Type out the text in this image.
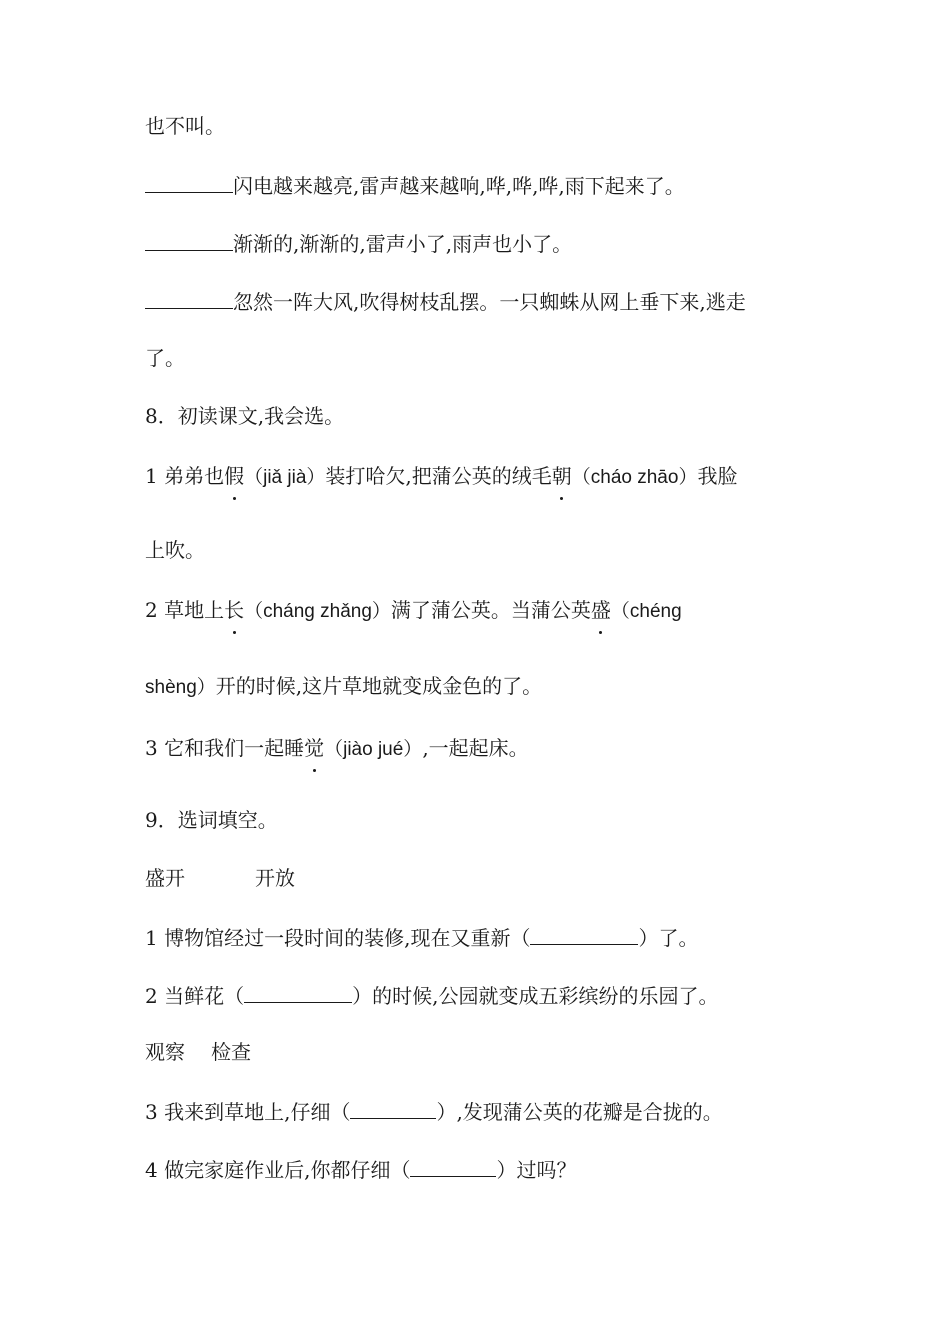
也不叫。
闪电越来越亮,雷声越来越响,哗,哗,哗,雨下起来了。
渐渐的,渐渐的,雷声小了,雨声也小了。
忽然一阵大风,吹得树枝乱摆。一只蜘蛛从网上垂下来,逃走
了。
8．初读课文,我会选。
1 弟弟也假（jiǎ jià）装打哈欠,把蒲公英的绒毛朝（cháo zhāo）我脸
上吹。
2 草地上长（cháng zhǎng）满了蒲公英。当蒲公英盛（chéng
shèng）开的时候,这片草地就变成金色的了。
3 它和我们一起睡觉（jiào jué）,一起起床。
9．选词填空。
盛开	开放
1 博物馆经过一段时间的装修,现在又重新（	）了。
2 当鲜花（	）的时候,公园就变成五彩缤纷的乐园了。
观察 检查
3 我来到草地上,仔细（	）,发现蒲公英的花瓣是合拢的。
4 做完家庭作业后,你都仔细（	）过吗？
